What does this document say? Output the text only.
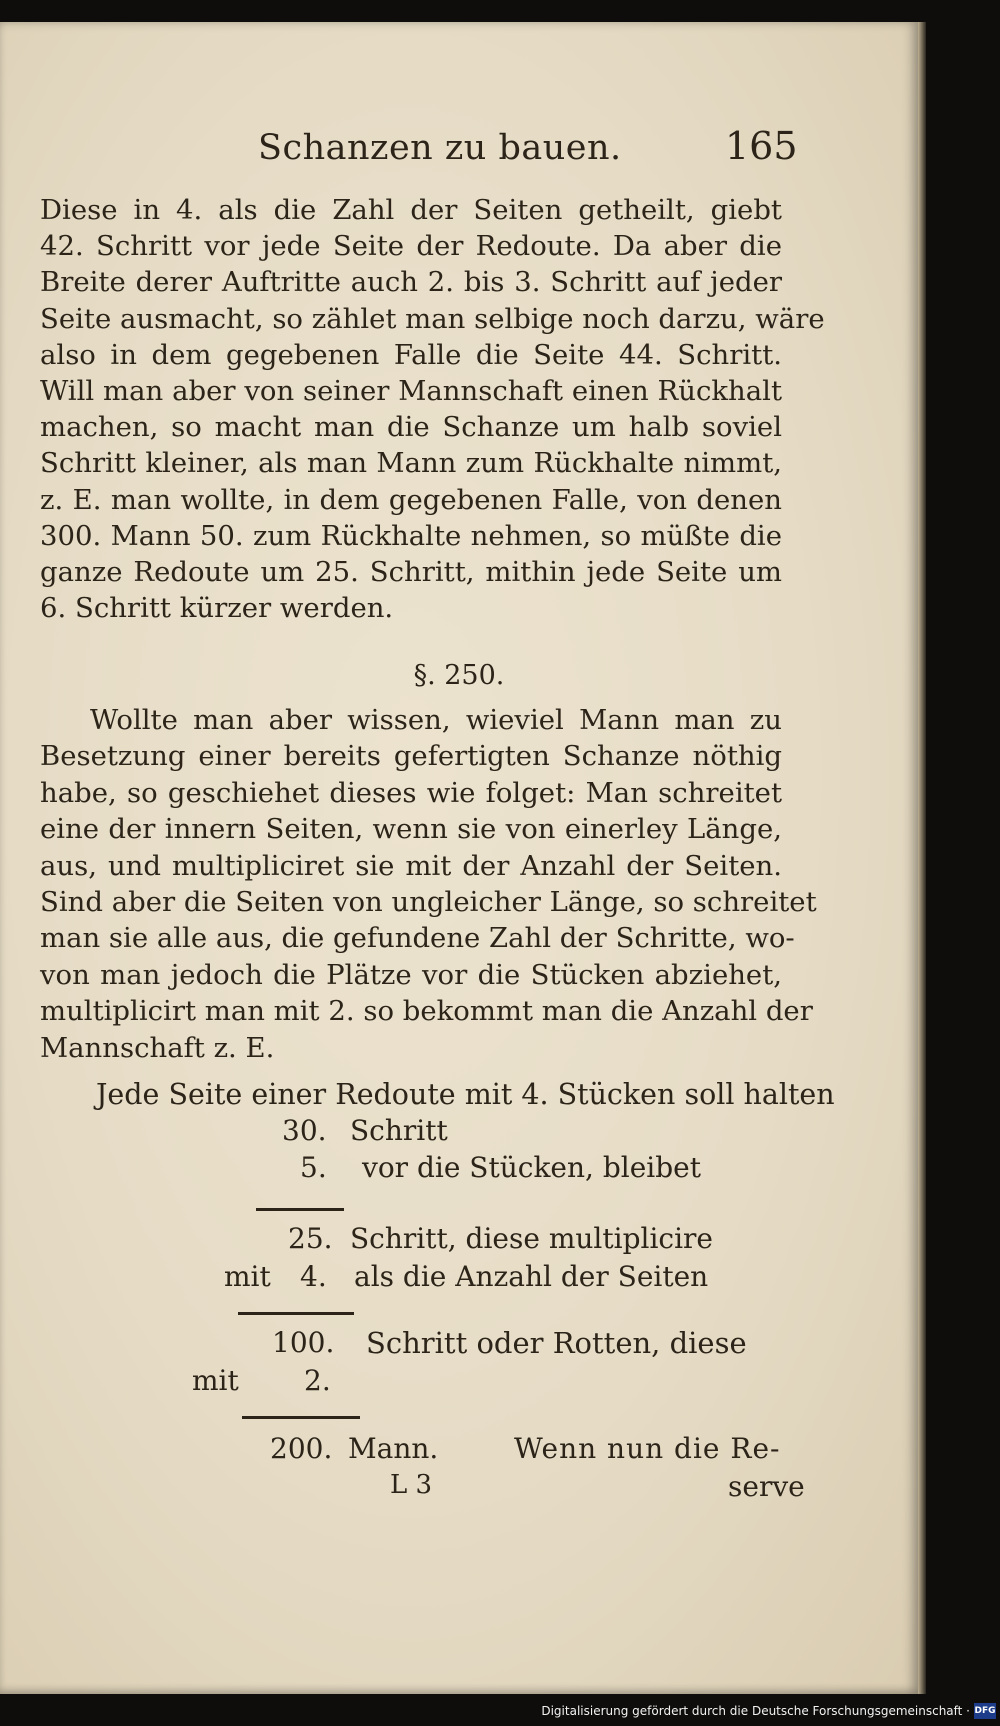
Schanzen zu bauen.	165
Diese in 4. als die Zahl der Seiten getheilt, giebt
42. Schritt vor jede Seite der Redoute. Da aber die
Breite derer Auftritte auch 2. bis 3. Schritt auf jeder
Seite ausmacht, so zählet man selbige noch darzu, wäre
also in dem gegebenen Falle die Seite 44. Schritt.
Will man aber von seiner Mannschaft einen Rückhalt
machen, so macht man die Schanze um halb soviel
Schritt kleiner, als man Mann zum Rückhalte nimmt,
z. E. man wollte, in dem gegebenen Falle, von denen
300. Mann 50. zum Rückhalte nehmen, so müßte die
ganze Redoute um 25. Schritt, mithin jede Seite um
6. Schritt kürzer werden.
§. 250.
Wollte man aber wissen, wieviel Mann man zu
Besetzung einer bereits gefertigten Schanze nöthig
habe, so geschiehet dieses wie folget: Man schreitet
eine der innern Seiten, wenn sie von einerley Länge,
aus, und multipliciret sie mit der Anzahl der Seiten.
Sind aber die Seiten von ungleicher Länge, so schreitet
man sie alle aus, die gefundene Zahl der Schritte, wo-
von man jedoch die Plätze vor die Stücken abziehet,
multiplicirt man mit 2. so bekommt man die Anzahl der
Mannschaft z. E.
Jede Seite einer Redoute mit 4. Stücken soll halten
30. Schritt
5. vor die Stücken, bleibet
25. Schritt, diese multiplicire
mit 4. als die Anzahl der Seiten
100. Schritt oder Rotten, diese
mit 2.
200. Mann.	Wenn nun die Re-
L 3	serve
Digitalisierung gefördert durch die Deutsche Forschungsgemeinschaft · DFG
